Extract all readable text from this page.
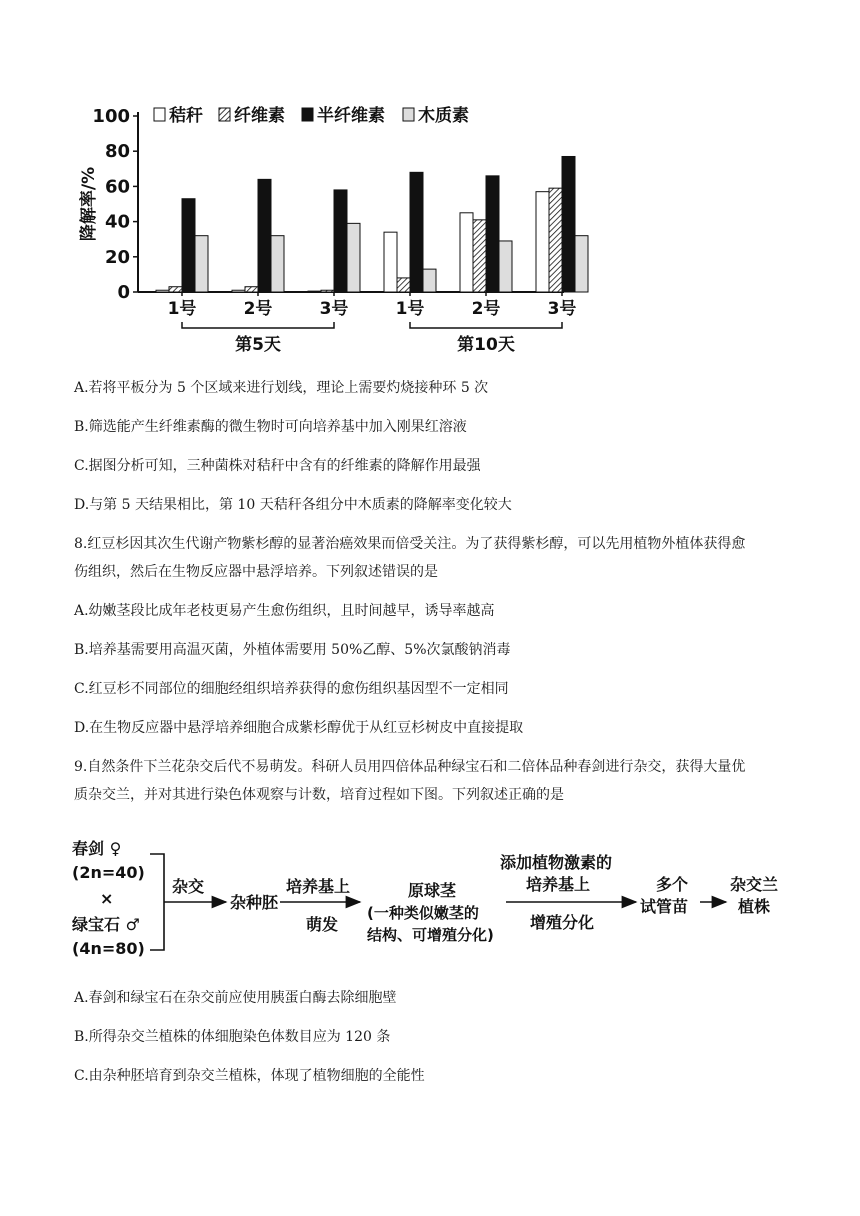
0
20
40
60
80
100
降解率/%
1号	2号	3号
第5天
1号	2号	3号
第10天
秸秆 纤维素 半纤维素 木质素
A.若将平板分为 5 个区域来进行划线，理论上需要灼烧接种环 5 次
B.筛选能产生纤维素酶的微生物时可向培养基中加入刚果红溶液
C.据图分析可知，三种菌株对秸秆中含有的纤维素的降解作用最强
D.与第 5 天结果相比，第 10 天秸秆各组分中木质素的降解率变化较大
8.红豆杉因其次生代谢产物紫杉醇的显著治癌效果而倍受关注。为了获得紫杉醇，可以先用植物外植体获得愈
伤组织，然后在生物反应器中悬浮培养。下列叙述错误的是
A.幼嫩茎段比成年老枝更易产生愈伤组织，且时间越早，诱导率越高
B.培养基需要用高温灭菌，外植体需要用 50%乙醇、5%次氯酸钠消毒
C.红豆杉不同部位的细胞经组织培养获得的愈伤组织基因型不一定相同
D.在生物反应器中悬浮培养细胞合成紫杉醇优于从红豆杉树皮中直接提取
9.自然条件下兰花杂交后代不易萌发。科研人员用四倍体品种绿宝石和二倍体品种春剑进行杂交，获得大量优
质杂交兰，并对其进行染色体观察与计数，培育过程如下图。下列叙述正确的是
春剑 ♀
(2n=40)
×
绿宝石 ♂
(4n=80)
杂交
杂种胚
培养基上
萌发
原球茎
(一种类似嫩茎的
结构、可增殖分化)
添加植物激素的
培养基上
增殖分化
多个
试管苗
杂交兰
植株
A.春剑和绿宝石在杂交前应使用胰蛋白酶去除细胞壁
B.所得杂交兰植株的体细胞染色体数目应为 120 条
C.由杂种胚培育到杂交兰植株，体现了植物细胞的全能性
